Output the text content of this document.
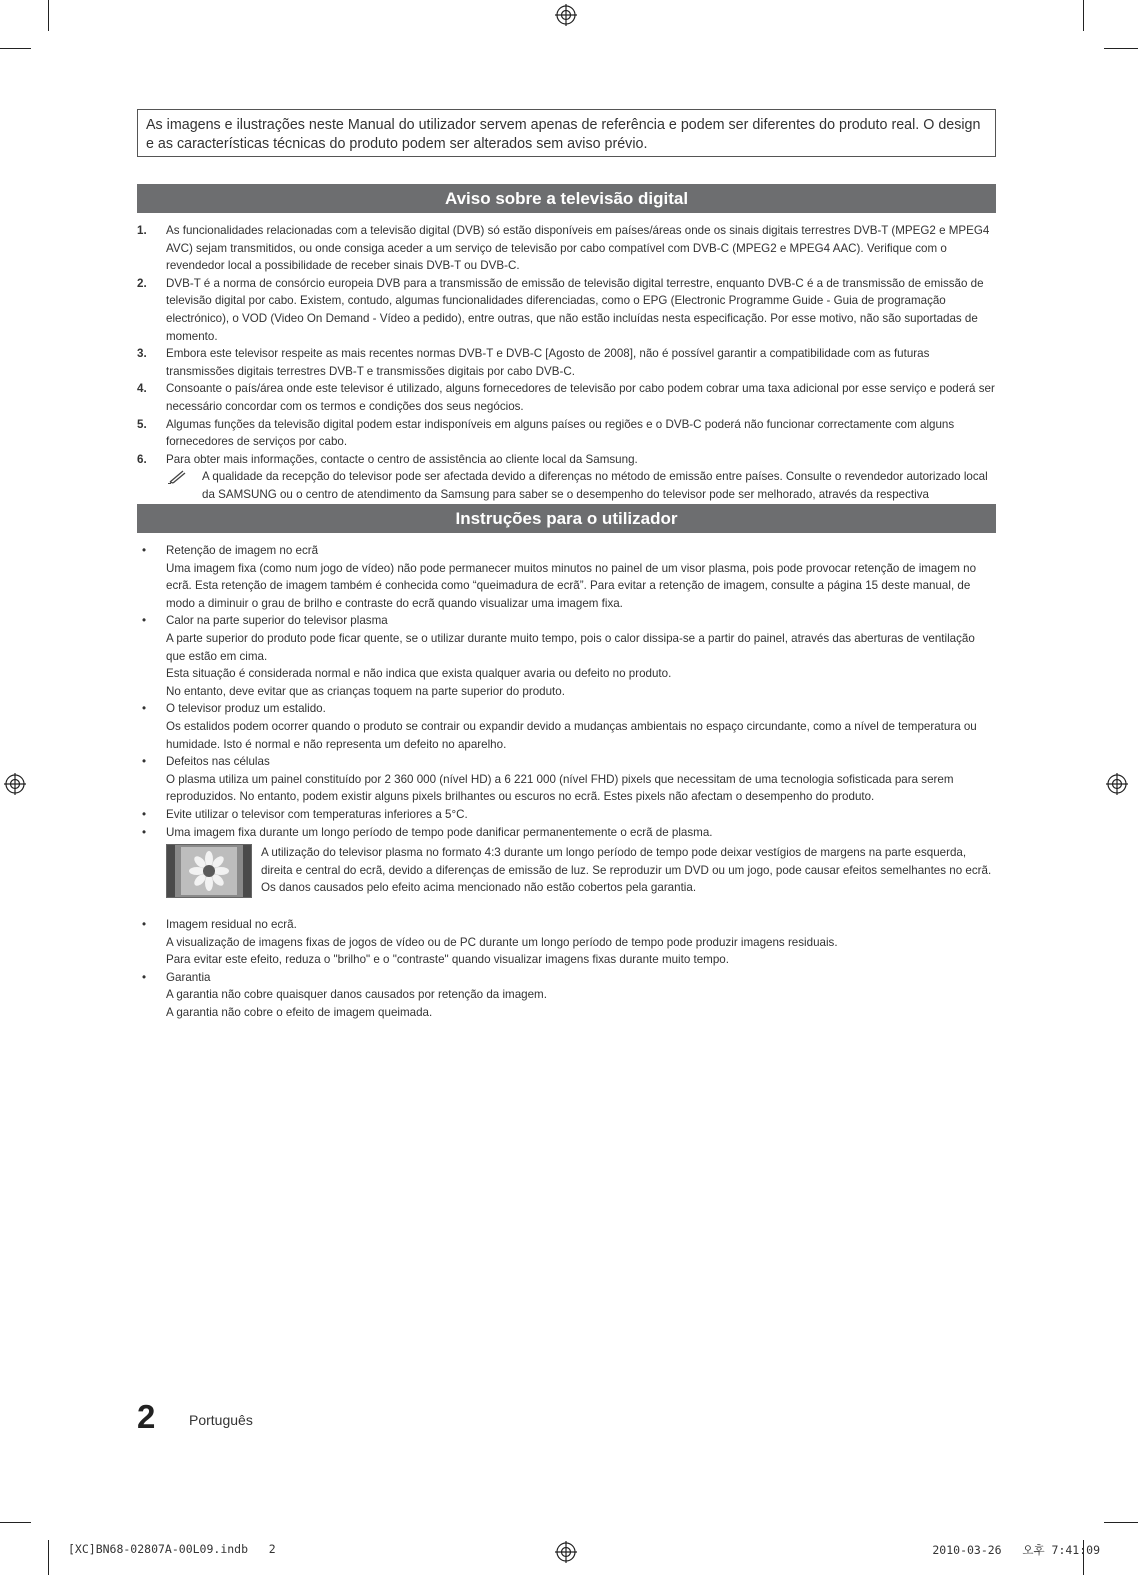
As imagens e ilustrações neste Manual do utilizador servem apenas de referência e podem ser diferentes do produto real. O design e as características técnicas do produto podem ser alterados sem aviso prévio.
Aviso sobre a televisão digital
1. As funcionalidades relacionadas com a televisão digital (DVB) só estão disponíveis em países/áreas onde os sinais digitais terrestres DVB-T (MPEG2 e MPEG4 AVC) sejam transmitidos, ou onde consiga aceder a um serviço de televisão por cabo compatível com DVB-C (MPEG2 e MPEG4 AAC). Verifique com o revendedor local a possibilidade de receber sinais DVB-T ou DVB-C.
2. DVB-T é a norma de consórcio europeia DVB para a transmissão de emissão de televisão digital terrestre, enquanto DVB-C é a de transmissão de emissão de televisão digital por cabo. Existem, contudo, algumas funcionalidades diferenciadas, como o EPG (Electronic Programme Guide - Guia de programação electrónico), o VOD (Video On Demand - Vídeo a pedido), entre outras, que não estão incluídas nesta especificação. Por esse motivo, não são suportadas de momento.
3. Embora este televisor respeite as mais recentes normas DVB-T e DVB-C [Agosto de 2008], não é possível garantir a compatibilidade com as futuras transmissões digitais terrestres DVB-T e transmissões digitais por cabo DVB-C.
4. Consoante o país/área onde este televisor é utilizado, alguns fornecedores de televisão por cabo podem cobrar uma taxa adicional por esse serviço e poderá ser necessário concordar com os termos e condições dos seus negócios.
5. Algumas funções da televisão digital podem estar indisponíveis em alguns países ou regiões e o DVB-C poderá não funcionar correctamente com alguns fornecedores de serviços por cabo.
6. Para obter mais informações, contacte o centro de assistência ao cliente local da Samsung.
A qualidade da recepção do televisor pode ser afectada devido a diferenças no método de emissão entre países. Consulte o revendedor autorizado local da SAMSUNG ou o centro de atendimento da Samsung para saber se o desempenho do televisor pode ser melhorado, através da respectiva
Instruções para o utilizador
• Retenção de imagem no ecrã
Uma imagem fixa (como num jogo de vídeo) não pode permanecer muitos minutos no painel de um visor plasma, pois pode provocar retenção de imagem no ecrã. Esta retenção de imagem também é conhecida como “queimadura de ecrã”. Para evitar a retenção de imagem, consulte a página 15 deste manual, de modo a diminuir o grau de brilho e contraste do ecrã quando visualizar uma imagem fixa.
• Calor na parte superior do televisor plasma
A parte superior do produto pode ficar quente, se o utilizar durante muito tempo, pois o calor dissipa-se a partir do painel, através das aberturas de ventilação que estão em cima.
Esta situação é considerada normal e não indica que exista qualquer avaria ou defeito no produto.
No entanto, deve evitar que as crianças toquem na parte superior do produto.
• O televisor produz um estalido.
Os estalidos podem ocorrer quando o produto se contrair ou expandir devido a mudanças ambientais no espaço circundante, como a nível de temperatura ou humidade. Isto é normal e não representa um defeito no aparelho.
• Defeitos nas células
O plasma utiliza um painel constituído por 2 360 000 (nível HD) a 6 221 000 (nível FHD) pixels que necessitam de uma tecnologia sofisticada para serem reproduzidos. No entanto, podem existir alguns pixels brilhantes ou escuros no ecrã. Estes pixels não afectam o desempenho do produto.
• Evite utilizar o televisor com temperaturas inferiores a 5°C.
• Uma imagem fixa durante um longo período de tempo pode danificar permanentemente o ecrã de plasma.
A utilização do televisor plasma no formato 4:3 durante um longo período de tempo pode deixar vestígios de margens na parte esquerda, direita e central do ecrã, devido a diferenças de emissão de luz. Se reproduzir um DVD ou um jogo, pode causar efeitos semelhantes no ecrã.
Os danos causados pelo efeito acima mencionado não estão cobertos pela garantia.
• Imagem residual no ecrã.
A visualização de imagens fixas de jogos de vídeo ou de PC durante um longo período de tempo pode produzir imagens residuais.
Para evitar este efeito, reduza o "brilho" e o "contraste" quando visualizar imagens fixas durante muito tempo.
• Garantia
A garantia não cobre quaisquer danos causados por retenção da imagem.
A garantia não cobre o efeito de imagem queimada.
2 Português
[XC]BN68-02807A-00L09.indb   2	2010-03-26   오후 7:41:09
